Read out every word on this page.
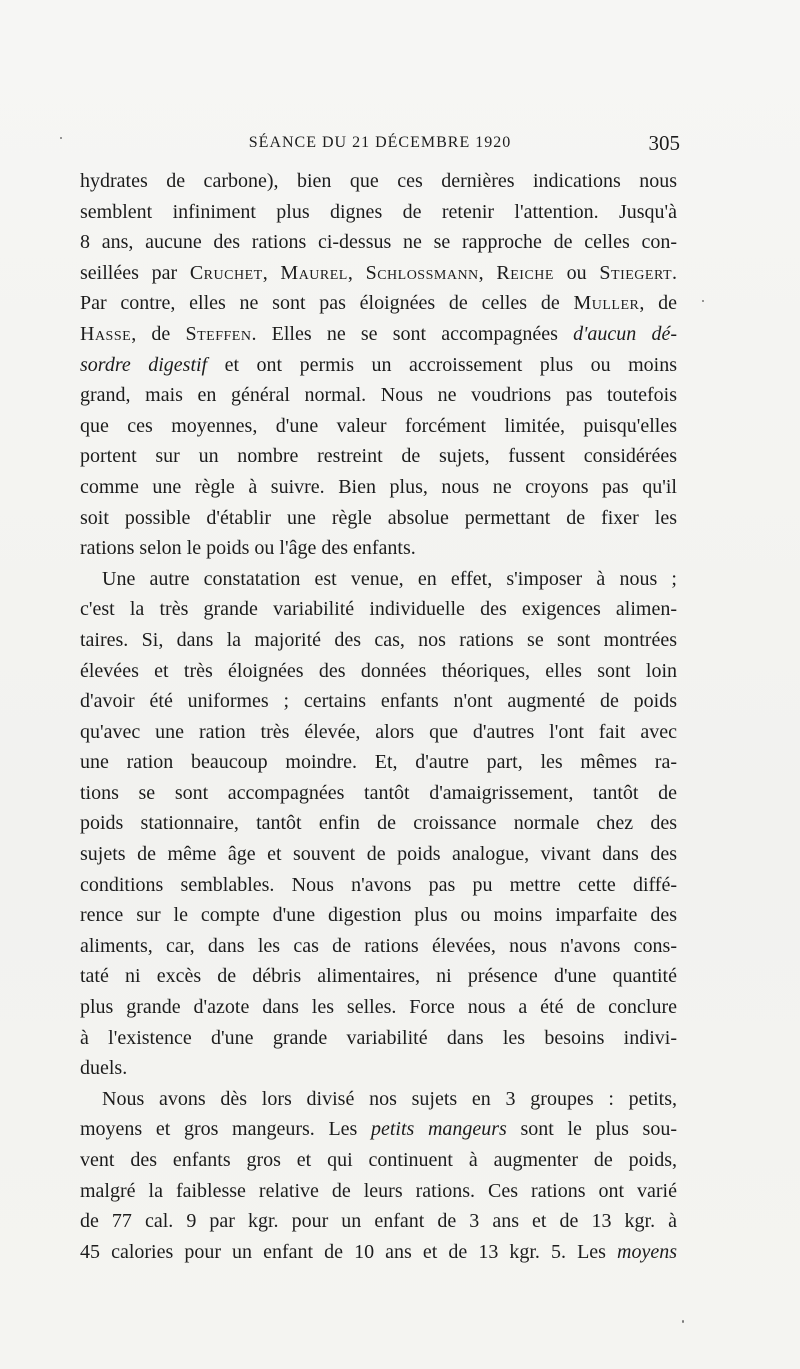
SÉANCE DU 21 DÉCEMBRE 1920	305
hydrates de carbone), bien que ces dernières indications nous
semblent infiniment plus dignes de retenir l'attention. Jusqu'à
8 ans, aucune des rations ci-dessus ne se rapproche de celles con-
seillées par Cruchet, Maurel, Schlossmann, Reiche ou Stiegert.
Par contre, elles ne sont pas éloignées de celles de Muller, de
Hasse, de Steffen. Elles ne se sont accompagnées d'aucun dé-
sordre digestif et ont permis un accroissement plus ou moins
grand, mais en général normal. Nous ne voudrions pas toutefois
que ces moyennes, d'une valeur forcément limitée, puisqu'elles
portent sur un nombre restreint de sujets, fussent considérées
comme une règle à suivre. Bien plus, nous ne croyons pas qu'il
soit possible d'établir une règle absolue permettant de fixer les
rations selon le poids ou l'âge des enfants.
Une autre constatation est venue, en effet, s'imposer à nous ;
c'est la très grande variabilité individuelle des exigences alimen-
taires. Si, dans la majorité des cas, nos rations se sont montrées
élevées et très éloignées des données théoriques, elles sont loin
d'avoir été uniformes ; certains enfants n'ont augmenté de poids
qu'avec une ration très élevée, alors que d'autres l'ont fait avec
une ration beaucoup moindre. Et, d'autre part, les mêmes ra-
tions se sont accompagnées tantôt d'amaigrissement, tantôt de
poids stationnaire, tantôt enfin de croissance normale chez des
sujets de même âge et souvent de poids analogue, vivant dans des
conditions semblables. Nous n'avons pas pu mettre cette diffé-
rence sur le compte d'une digestion plus ou moins imparfaite des
aliments, car, dans les cas de rations élevées, nous n'avons cons-
taté ni excès de débris alimentaires, ni présence d'une quantité
plus grande d'azote dans les selles. Force nous a été de conclure
à l'existence d'une grande variabilité dans les besoins indivi-
duels.
Nous avons dès lors divisé nos sujets en 3 groupes : petits,
moyens et gros mangeurs. Les petits mangeurs sont le plus sou-
vent des enfants gros et qui continuent à augmenter de poids,
malgré la faiblesse relative de leurs rations. Ces rations ont varié
de 77 cal. 9 par kgr. pour un enfant de 3 ans et de 13 kgr. à
45 calories pour un enfant de 10 ans et de 13 kgr. 5. Les moyens
